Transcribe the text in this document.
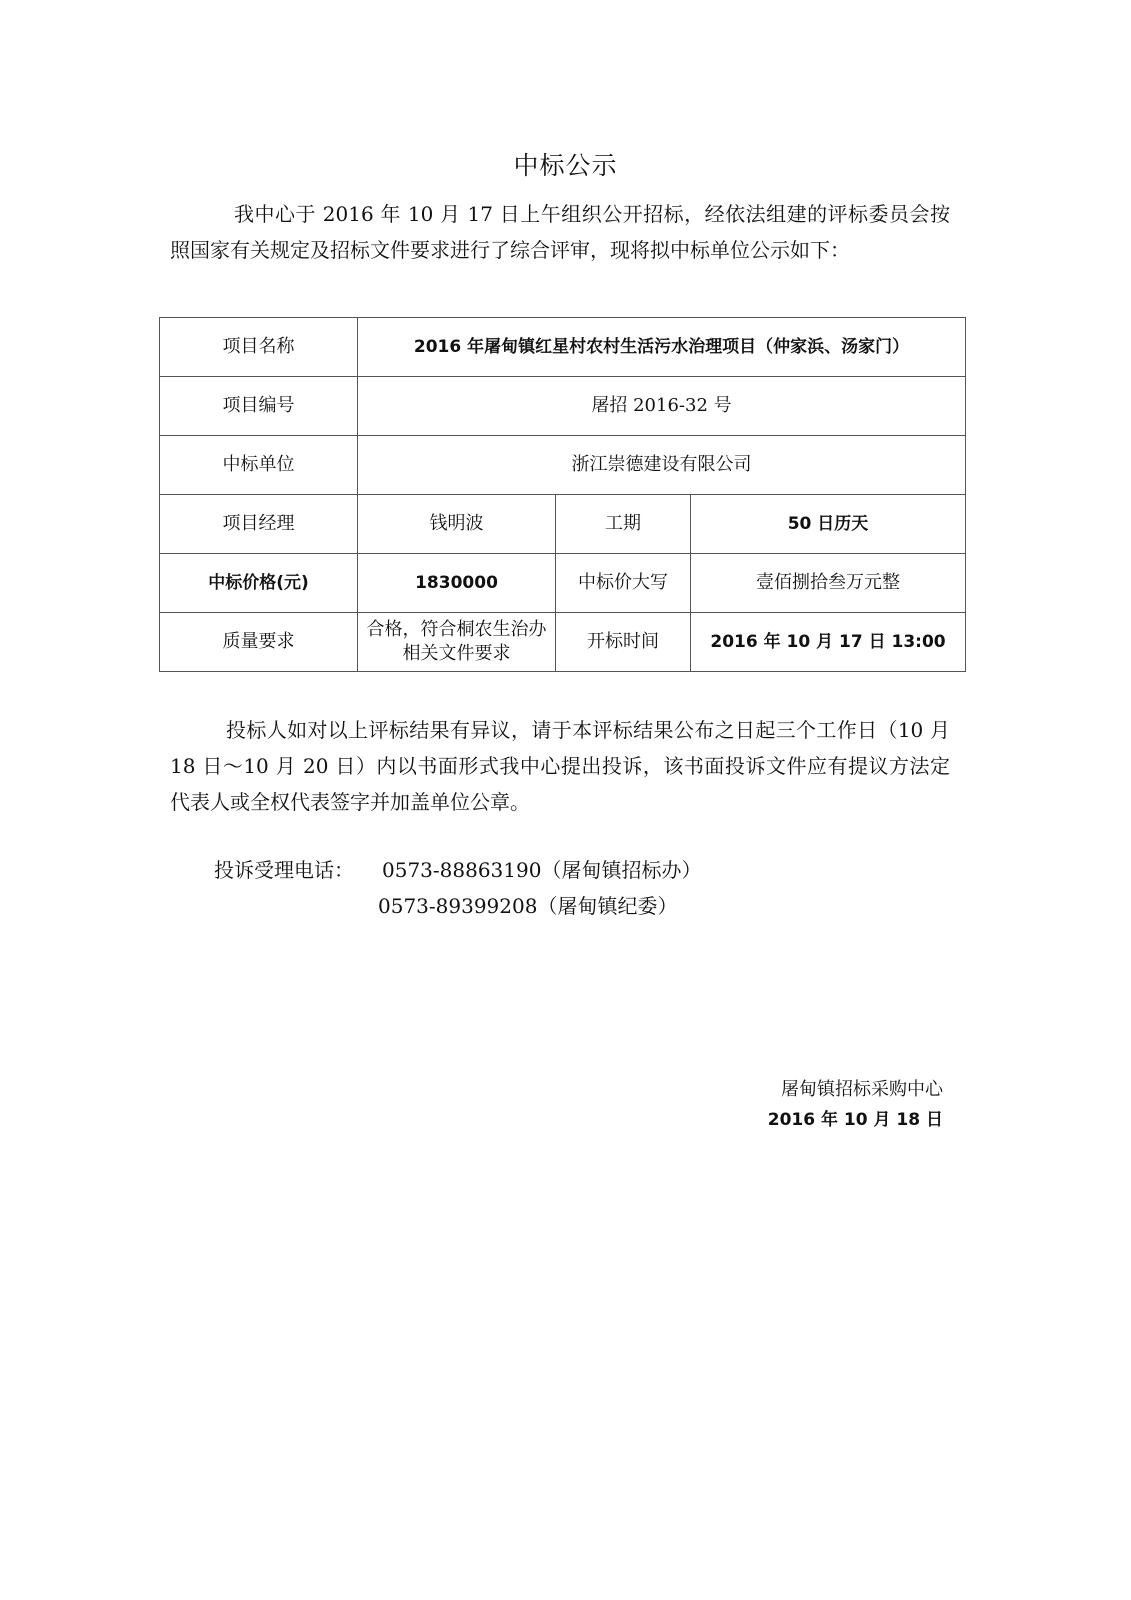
中标公示
我中心于 2016 年 10 月 17 日上午组织公开招标，经依法组建的评标委员会按照国家有关规定及招标文件要求进行了综合评审，现将拟中标单位公示如下：
项目名称	2016 年屠甸镇红星村农村生活污水治理项目（仲家浜、汤家门）		
项目编号	屠招 2016-32 号		
中标单位	浙江崇德建设有限公司		
项目经理	钱明波	工期	50 日历天
中标价格(元)	1830000	中标价大写	壹佰捌拾叁万元整
质量要求	合格，符合桐农生治办相关文件要求	开标时间	2016 年 10 月 17 日 13:00
投标人如对以上评标结果有异议，请于本评标结果公布之日起三个工作日（10 月 18 日～10 月 20 日）内以书面形式我中心提出投诉，该书面投诉文件应有提议方法定代表人或全权代表签字并加盖单位公章。
投诉受理电话： 0573-88863190（屠甸镇招标办）
0573-89399208（屠甸镇纪委）
屠甸镇招标采购中心
2016 年 10 月 18 日
